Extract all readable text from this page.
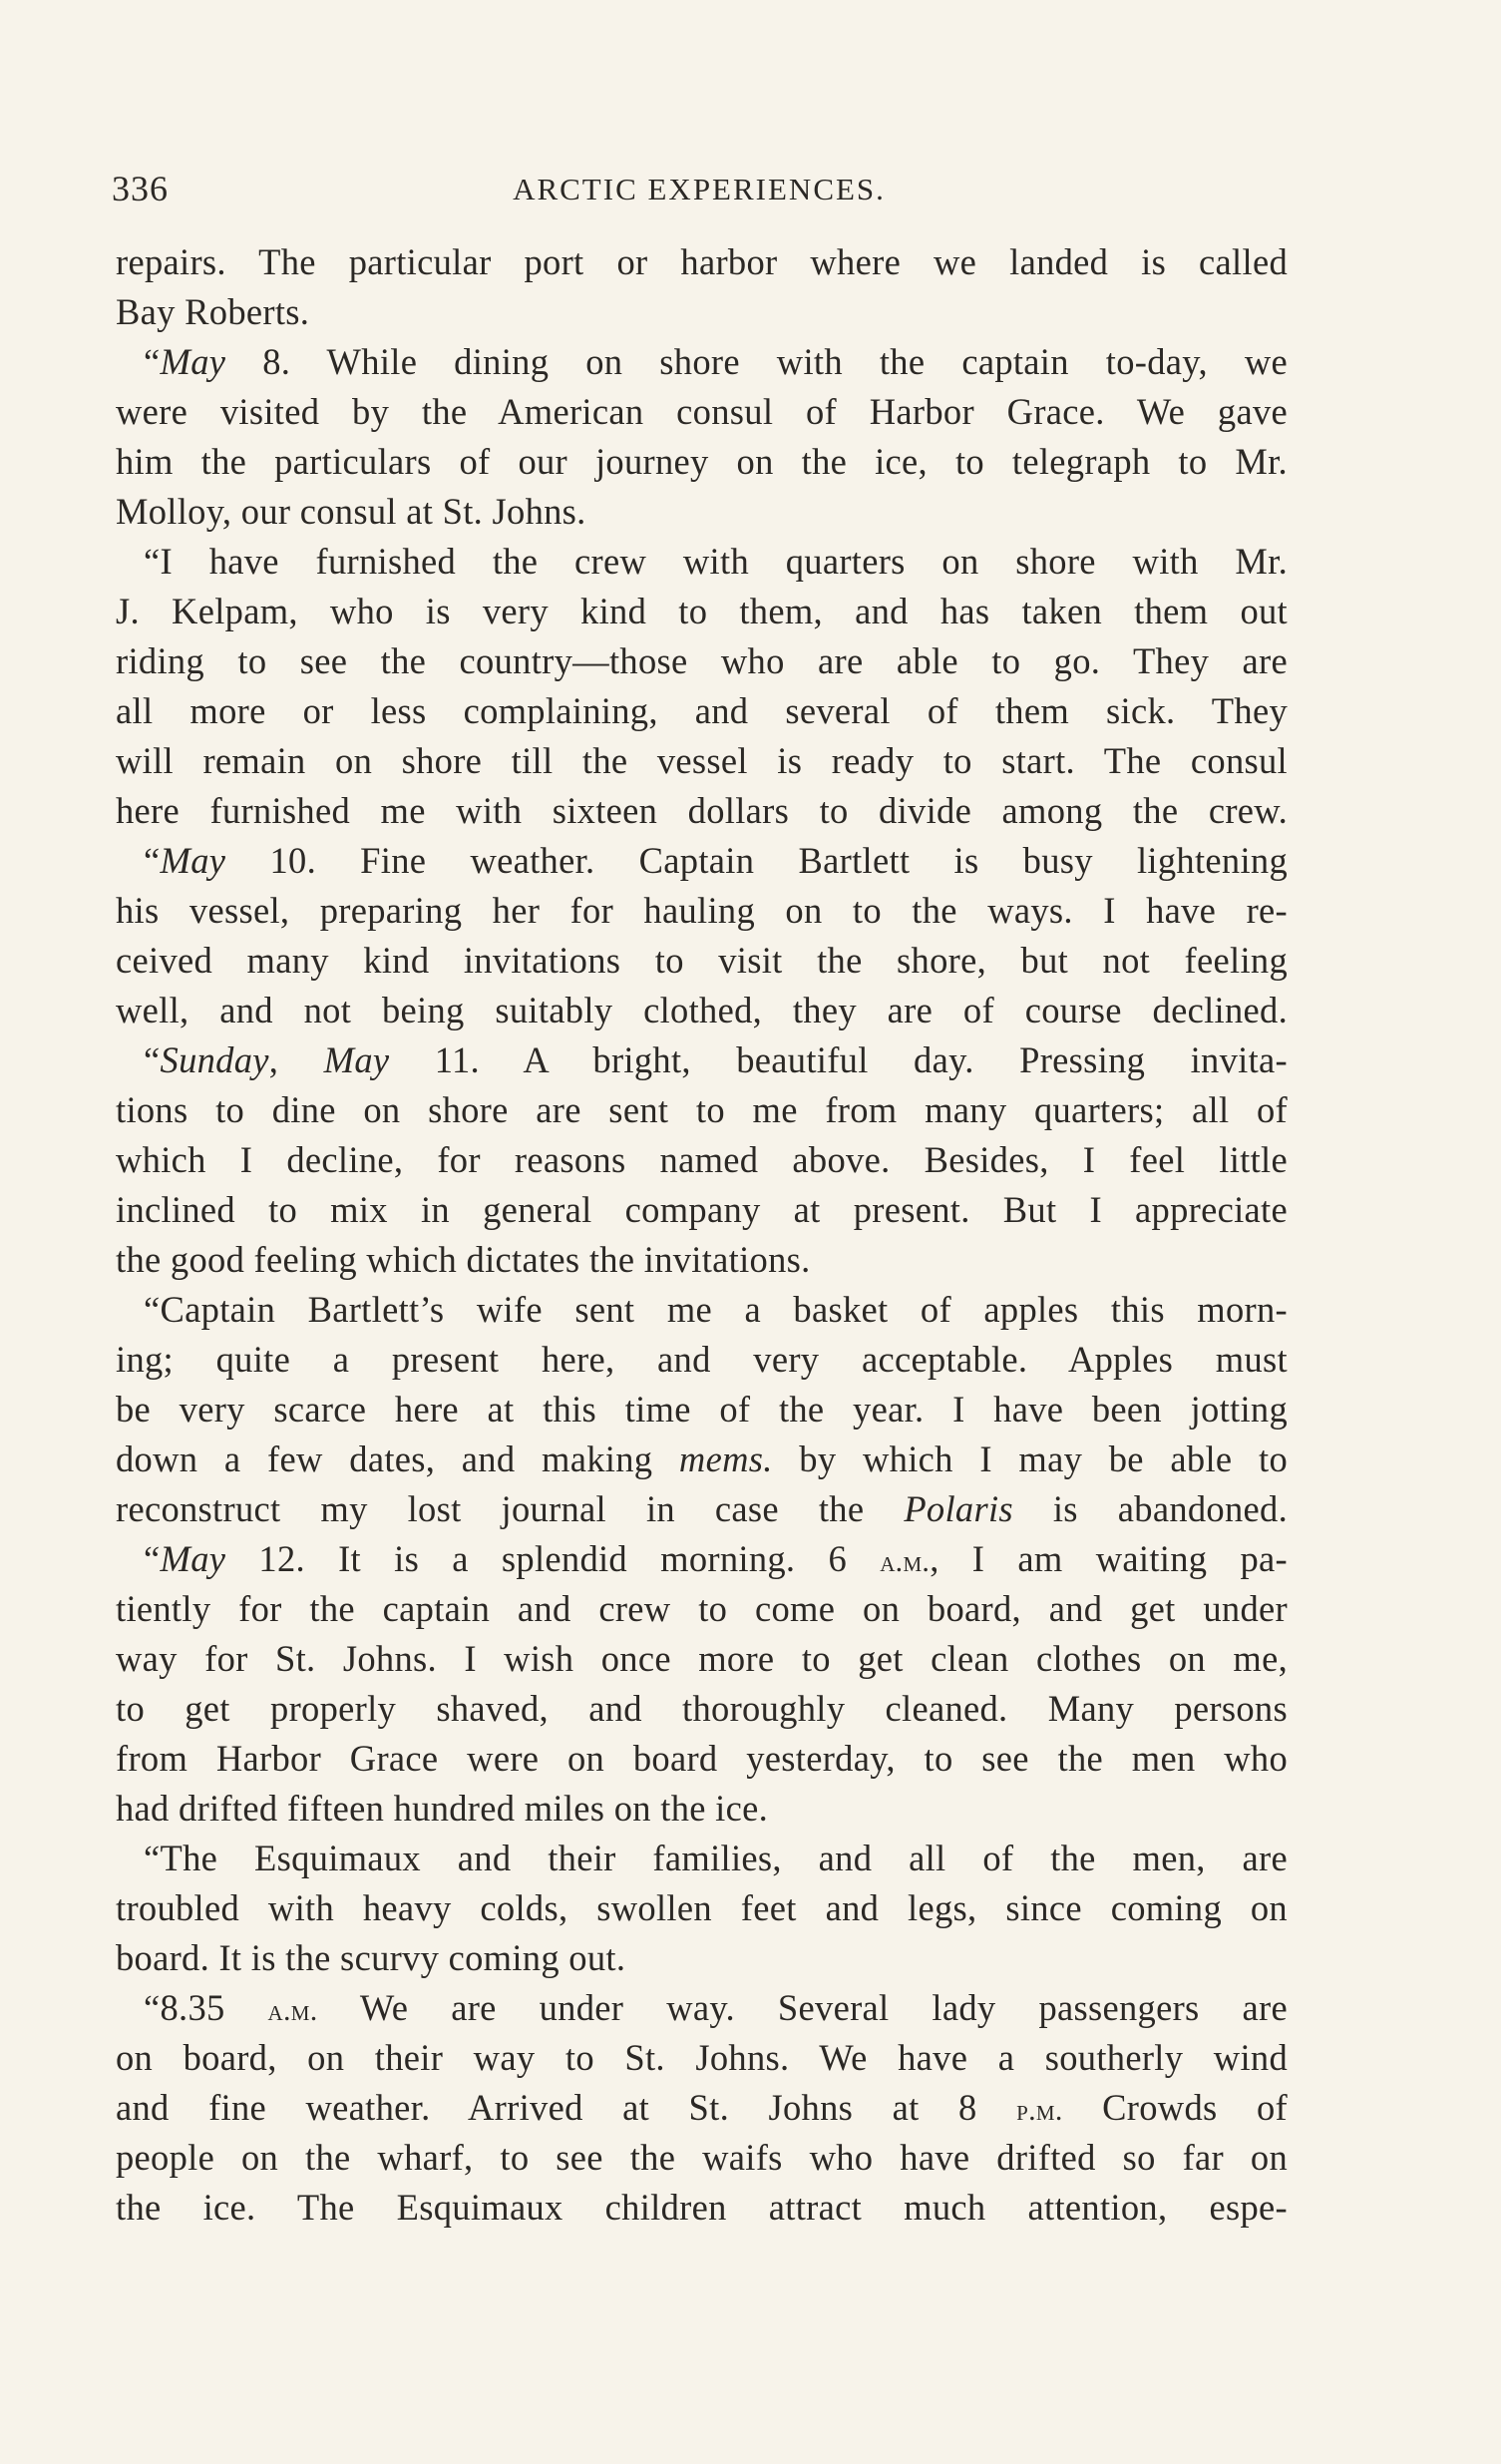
336	ARCTIC EXPERIENCES.
repairs. The particular port or harbor where we landed is called
Bay Roberts.
“May 8. While dining on shore with the captain to-day, we
were visited by the American consul of Harbor Grace. We gave
him the particulars of our journey on the ice, to telegraph to Mr.
Molloy, our consul at St. Johns.
“I have furnished the crew with quarters on shore with Mr.
J. Kelpam, who is very kind to them, and has taken them out
riding to see the country—those who are able to go. They are
all more or less complaining, and several of them sick. They
will remain on shore till the vessel is ready to start. The consul
here furnished me with sixteen dollars to divide among the crew.
“May 10. Fine weather. Captain Bartlett is busy lightening
his vessel, preparing her for hauling on to the ways. I have re-
ceived many kind invitations to visit the shore, but not feeling
well, and not being suitably clothed, they are of course declined.
“Sunday, May 11. A bright, beautiful day. Pressing invita-
tions to dine on shore are sent to me from many quarters; all of
which I decline, for reasons named above. Besides, I feel little
inclined to mix in general company at present. But I appreciate
the good feeling which dictates the invitations.
“Captain Bartlett’s wife sent me a basket of apples this morn-
ing; quite a present here, and very acceptable. Apples must
be very scarce here at this time of the year. I have been jotting
down a few dates, and making mems. by which I may be able to
reconstruct my lost journal in case the Polaris is abandoned.
“May 12. It is a splendid morning. 6 a.m., I am waiting pa-
tiently for the captain and crew to come on board, and get under
way for St. Johns. I wish once more to get clean clothes on me,
to get properly shaved, and thoroughly cleaned. Many persons
from Harbor Grace were on board yesterday, to see the men who
had drifted fifteen hundred miles on the ice.
“The Esquimaux and their families, and all of the men, are
troubled with heavy colds, swollen feet and legs, since coming on
board. It is the scurvy coming out.
“8.35 a.m. We are under way. Several lady passengers are
on board, on their way to St. Johns. We have a southerly wind
and fine weather. Arrived at St. Johns at 8 p.m. Crowds of
people on the wharf, to see the waifs who have drifted so far on
the ice. The Esquimaux children attract much attention, espe-
